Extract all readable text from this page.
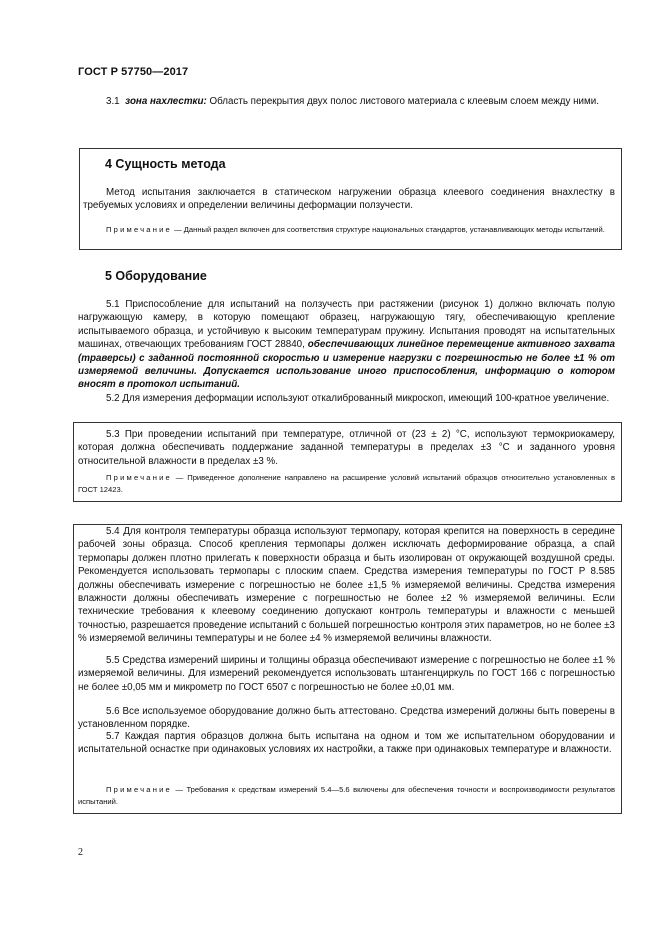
ГОСТ Р 57750—2017
3.1 зона нахлестки: Область перекрытия двух полос листового материала с клеевым слоем между ними.
4 Сущность метода
Метод испытания заключается в статическом нагружении образца клеевого соединения внахлестку в требуемых условиях и определении величины деформации ползучести.
Примечание — Данный раздел включен для соответствия структуре национальных стандартов, устанавливающих методы испытаний.
5 Оборудование
5.1 Приспособление для испытаний на ползучесть при растяжении (рисунок 1) должно включать полую нагружающую камеру, в которую помещают образец, нагружающую тягу, обеспечивающую крепление испытываемого образца, и устойчивую к высоким температурам пружину. Испытания проводят на испытательных машинах, отвечающих требованиям ГОСТ 28840, обеспечивающих линейное перемещение активного захвата (траверсы) с заданной постоянной скоростью и измерение нагрузки с погрешностью не более ±1 % от измеряемой величины. Допускается использование иного приспособления, информацию о котором вносят в протокол испытаний.
5.2 Для измерения деформации используют откалиброванный микроскоп, имеющий 100-кратное увеличение.
5.3 При проведении испытаний при температуре, отличной от (23 ± 2) °С, используют термокриокамеру, которая должна обеспечивать поддержание заданной температуры в пределах ±3 °С и заданного уровня относительной влажности в пределах ±3 %.
Примечание — Приведенное дополнение направлено на расширение условий испытаний образцов относительно установленных в ГОСТ 12423.
5.4 Для контроля температуры образца используют термопару, которая крепится на поверхность в середине рабочей зоны образца. Способ крепления термопары должен исключать деформирование образца, а спай термопары должен плотно прилегать к поверхности образца и быть изолирован от окружающей воздушной среды. Рекомендуется использовать термопары с плоским спаем. Средства измерения температуры по ГОСТ Р 8.585 должны обеспечивать измерение с погрешностью не более ±1,5 % измеряемой величины. Средства измерения влажности должны обеспечивать измерение с погрешностью не более ±2 % измеряемой величины. Если технические требования к клеевому соединению допускают контроль температуры и влажности с меньшей точностью, разрешается проведение испытаний с большей погрешностью контроля этих параметров, но не более ±3 % измеряемой величины температуры и не более ±4 % измеряемой величины влажности.
5.5 Средства измерений ширины и толщины образца обеспечивают измерение с погрешностью не более ±1 % измеряемой величины. Для измерений рекомендуется использовать штангенциркуль по ГОСТ 166 с погрешностью не более ±0,05 мм и микрометр по ГОСТ 6507 с погрешностью не более ±0,01 мм.
5.6 Все используемое оборудование должно быть аттестовано. Средства измерений должны быть поверены в установленном порядке.
5.7 Каждая партия образцов должна быть испытана на одном и том же испытательном оборудовании и испытательной оснастке при одинаковых условиях их настройки, а также при одинаковых температуре и влажности.
Примечание — Требования к средствам измерений 5.4—5.6 включены для обеспечения точности и воспроизводимости результатов испытаний.
2
